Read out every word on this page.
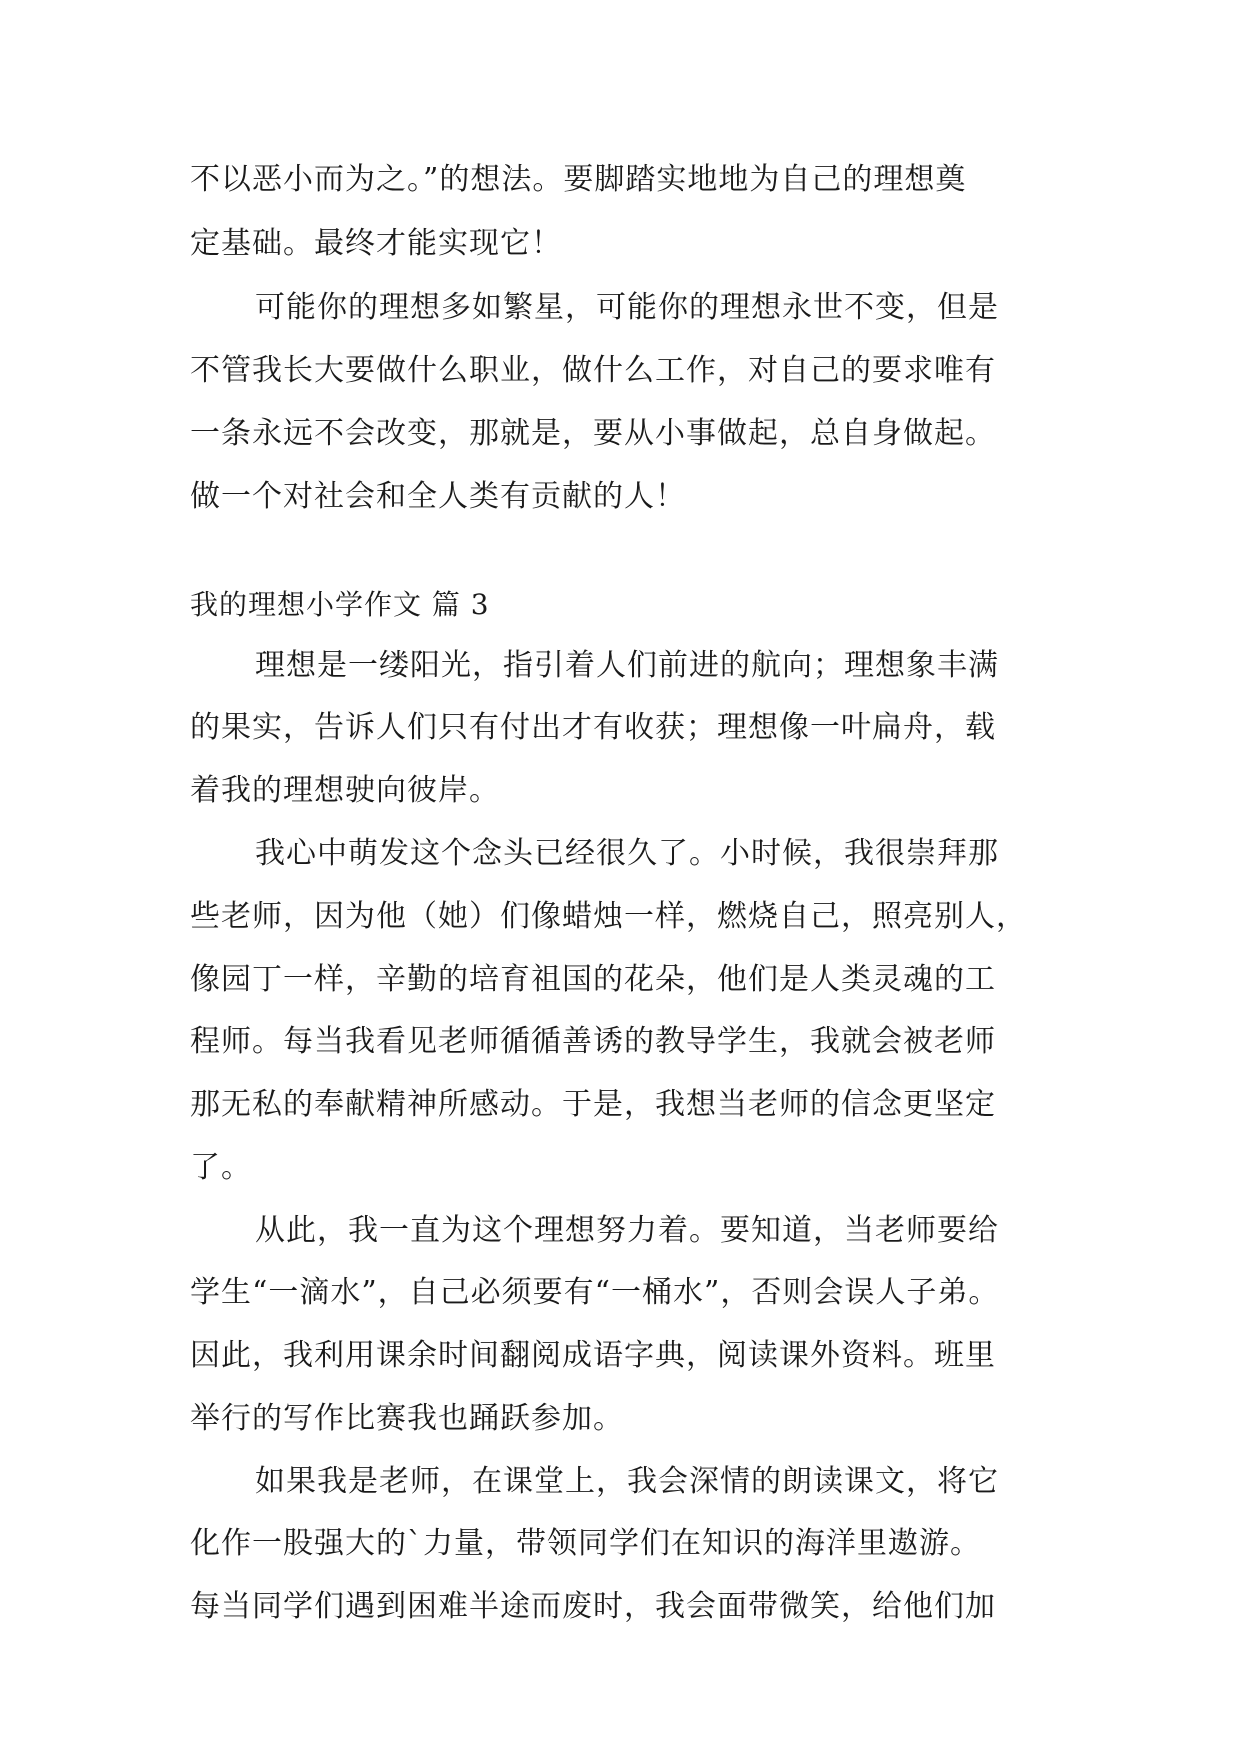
不以恶小而为之。”的想法。要脚踏实地地为自己的理想奠
定基础。最终才能实现它！
可能你的理想多如繁星，可能你的理想永世不变，但是
不管我长大要做什么职业，做什么工作，对自己的要求唯有
一条永远不会改变，那就是，要从小事做起，总自身做起。
做一个对社会和全人类有贡献的人！
我的理想小学作文 篇 3
理想是一缕阳光，指引着人们前进的航向；理想象丰满
的果实，告诉人们只有付出才有收获；理想像一叶扁舟，载
着我的理想驶向彼岸。
我心中萌发这个念头已经很久了。小时候，我很崇拜那
些老师，因为他（她）们像蜡烛一样，燃烧自己，照亮别人，
像园丁一样，辛勤的培育祖国的花朵，他们是人类灵魂的工
程师。每当我看见老师循循善诱的教导学生，我就会被老师
那无私的奉献精神所感动。于是，我想当老师的信念更坚定
了。
从此，我一直为这个理想努力着。要知道，当老师要给
学生“一滴水”，自己必须要有“一桶水”，否则会误人子弟。
因此，我利用课余时间翻阅成语字典，阅读课外资料。班里
举行的写作比赛我也踊跃参加。
如果我是老师，在课堂上，我会深情的朗读课文，将它
化作一股强大的`力量，带领同学们在知识的海洋里遨游。
每当同学们遇到困难半途而废时，我会面带微笑，给他们加
